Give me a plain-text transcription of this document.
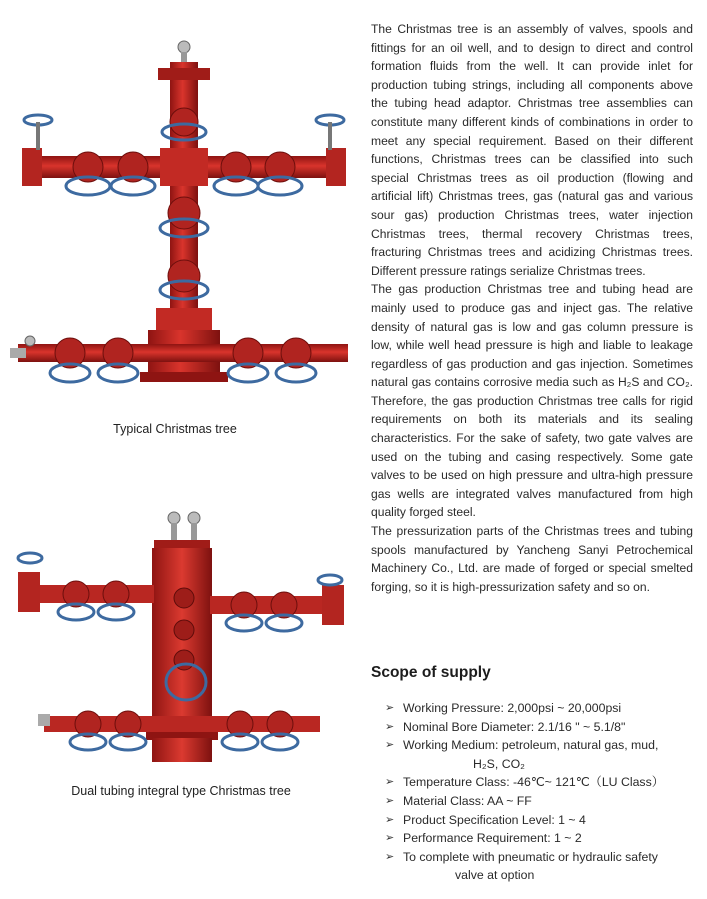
Typical Christmas tree
Dual tubing integral type Christmas tree

The Christmas tree is an assembly of valves, spools and fittings for an oil well, and to design to direct and control formation fluids from the well. It can provide inlet for production tubing strings, including all components above the tubing head adaptor. Christmas tree assemblies can constitute many different kinds of combinations in order to meet any special requirement. Based on their different functions, Christmas trees can be classified into such special Christmas trees as oil production (flowing and artificial lift) Christmas trees, gas (natural gas and various sour gas) production Christmas trees, water injection Christmas trees, thermal recovery Christmas trees, fracturing Christmas trees and acidizing Christmas trees. Different pressure ratings serialize Christmas trees.

The gas production Christmas tree and tubing head are mainly used to produce gas and inject gas. The relative density of natural gas is low and gas column pressure is low, while well head pressure is high and liable to leakage regardless of gas production and gas injection. Sometimes natural gas contains corrosive media such as H₂S and CO₂. Therefore, the gas production Christmas tree calls for rigid requirements on both its materials and its sealing characteristics. For the sake of safety, two gate valves are used on the tubing and casing respectively. Some gate valves to be used on high pressure and ultra-high pressure gas wells are integrated valves manufactured from high quality forged steel.

The pressurization parts of the Christmas trees and tubing spools manufactured by Yancheng Sanyi Petrochemical Machinery Co., Ltd. are made of forged or special smelted forging, so it is high-pressurization safety and so on.

Scope of supply
➢ Working Pressure: 2,000psi ~ 20,000psi
➢ Nominal Bore Diameter: 2.1/16 " ~ 5.1/8"
➢ Working Medium: petroleum, natural gas, mud,
H₂S, CO₂
➢ Temperature Class: -46℃~ 121℃（LU Class）
➢ Material Class: AA ~ FF
➢ Product Specification Level: 1 ~ 4
➢ Performance Requirement: 1 ~ 2
➢ To complete with pneumatic or hydraulic safety
valve at option
